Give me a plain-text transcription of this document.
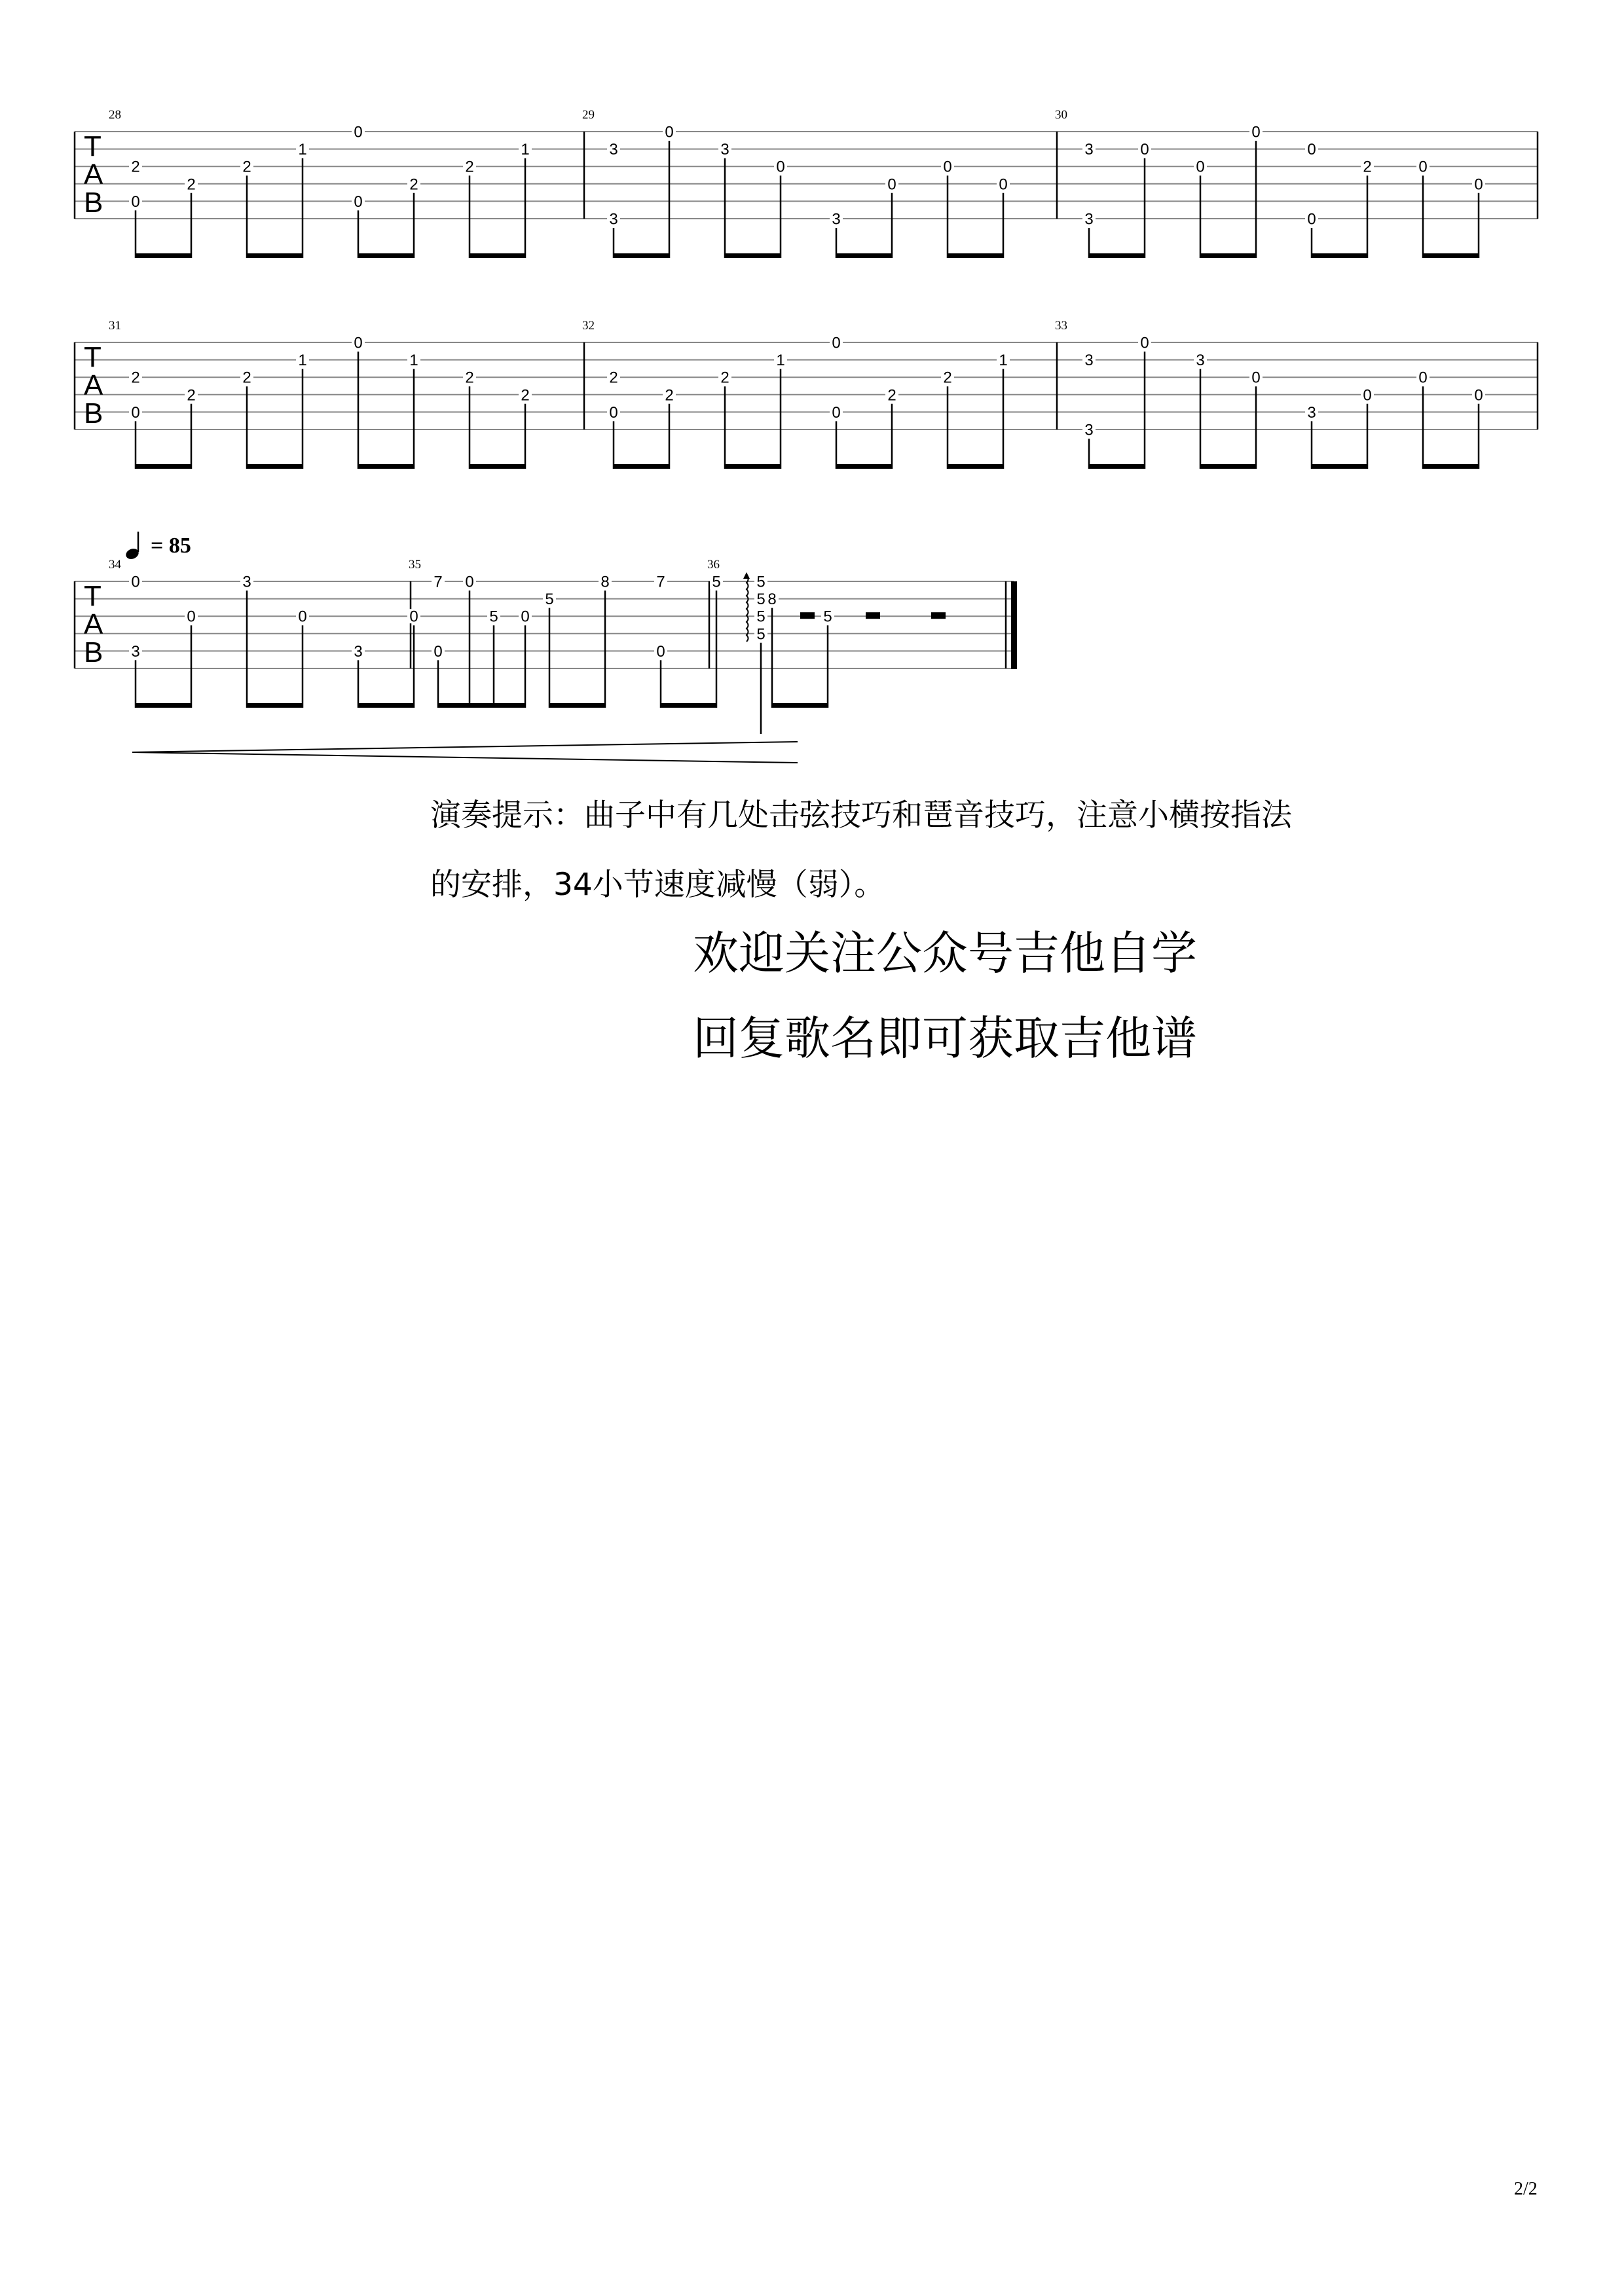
T
A
B
28
2
0
2
2
1
0
0
2
2
1
29
3
3
0
3
0
3
0
0
0
30
3
3
0
0
0
0
0
2	0
0
T
A
B
31
2
0
2
2
1
0
1
2
2
32
2
0
2
2
1
0
0
2
2
1
33
3
3
0
3
0
3
0
0
0
T
A
B
34
0
3
0
3
0
3
0
0
0
35
7
0
5
5
8	7
0
5
8
5
36
5
5
5
5
= 85
演奏提示：曲子中有几处击弦技巧和琶音技巧，注意小横按指法
的安排，34小节速度减慢（弱）。
欢迎关注公众号吉他自学
回复歌名即可获取吉他谱
2/2
